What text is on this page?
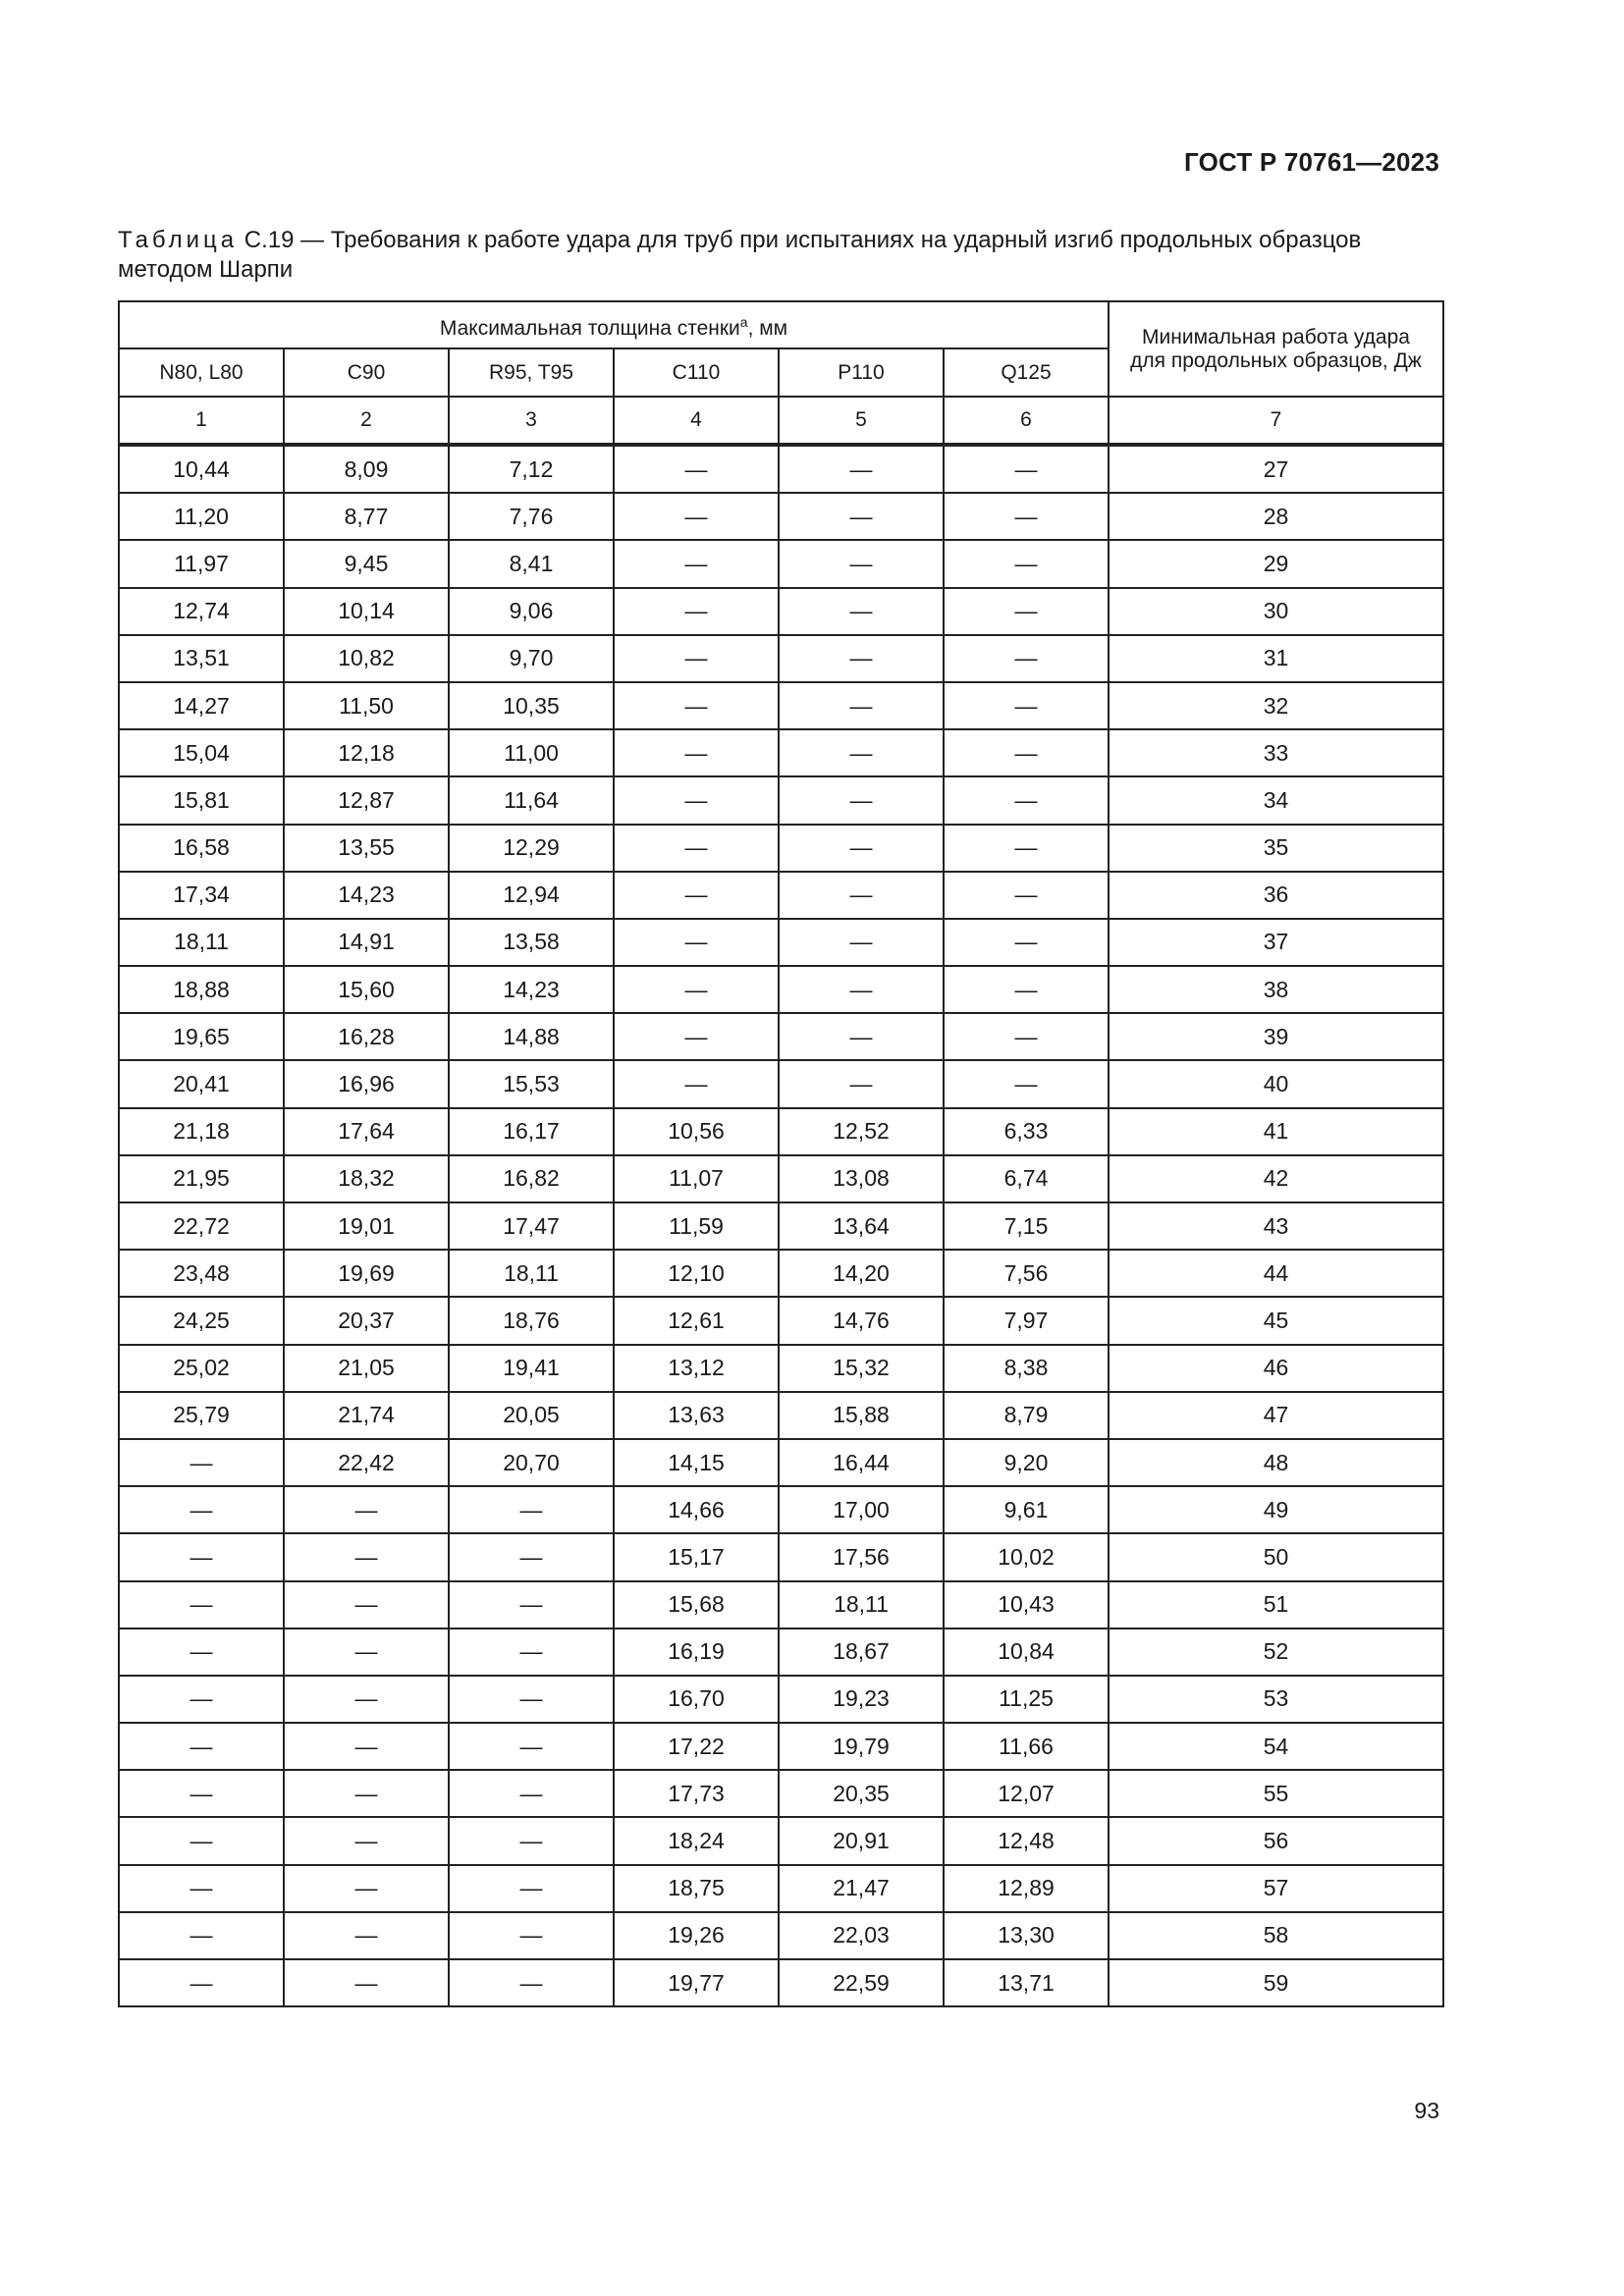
ГОСТ Р 70761—2023
Таблица С.19 — Требования к работе удара для труб при испытаниях на ударный изгиб продольных образцов методом Шарпи
Максимальная толщина стенки$^a$, мм						Минимальная работа удара для продольных образцов, Дж
N80, L80	C90	R95, T95	C110	P110	Q125	
1	2	3	4	5	6	7
10,44	8,09	7,12	—	—	—	27
11,20	8,77	7,76	—	—	—	28
11,97	9,45	8,41	—	—	—	29
12,74	10,14	9,06	—	—	—	30
13,51	10,82	9,70	—	—	—	31
14,27	11,50	10,35	—	—	—	32
15,04	12,18	11,00	—	—	—	33
15,81	12,87	11,64	—	—	—	34
16,58	13,55	12,29	—	—	—	35
17,34	14,23	12,94	—	—	—	36
18,11	14,91	13,58	—	—	—	37
18,88	15,60	14,23	—	—	—	38
19,65	16,28	14,88	—	—	—	39
20,41	16,96	15,53	—	—	—	40
21,18	17,64	16,17	10,56	12,52	6,33	41
21,95	18,32	16,82	11,07	13,08	6,74	42
22,72	19,01	17,47	11,59	13,64	7,15	43
23,48	19,69	18,11	12,10	14,20	7,56	44
24,25	20,37	18,76	12,61	14,76	7,97	45
25,02	21,05	19,41	13,12	15,32	8,38	46
25,79	21,74	20,05	13,63	15,88	8,79	47
—	22,42	20,70	14,15	16,44	9,20	48
—	—	—	14,66	17,00	9,61	49
—	—	—	15,17	17,56	10,02	50
—	—	—	15,68	18,11	10,43	51
—	—	—	16,19	18,67	10,84	52
—	—	—	16,70	19,23	11,25	53
—	—	—	17,22	19,79	11,66	54
—	—	—	17,73	20,35	12,07	55
—	—	—	18,24	20,91	12,48	56
—	—	—	18,75	21,47	12,89	57
—	—	—	19,26	22,03	13,30	58
—	—	—	19,77	22,59	13,71	59
93
